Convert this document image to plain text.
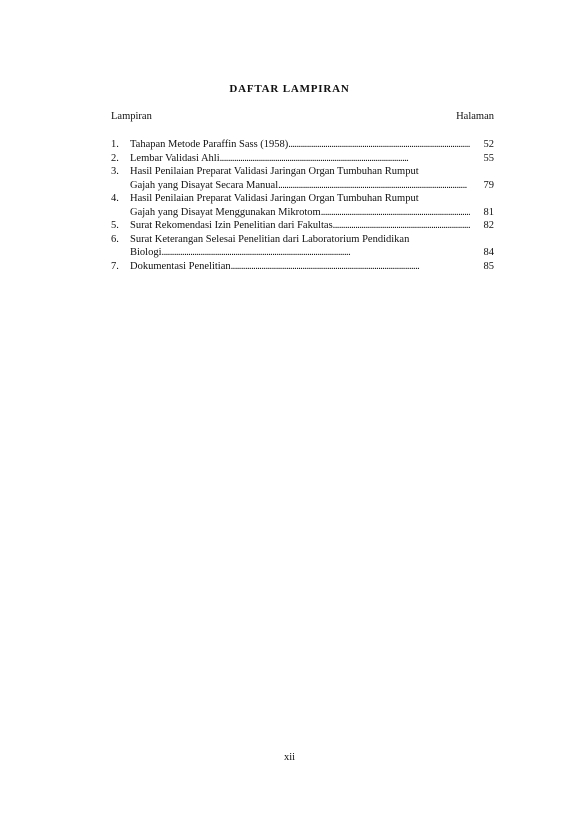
DAFTAR LAMPIRAN
Lampiran	Halaman
1.	Tahapan Metode Paraffin Sass (1958) . . .	52
2.	Lembar Validasi Ahli . . .	55
3.	Hasil Penilaian Preparat Validasi Jaringan Organ Tumbuhan Rumput
Gajah yang Disayat Secara Manual . . .	79
4.	Hasil Penilaian Preparat Validasi Jaringan Organ Tumbuhan Rumput
Gajah yang Disayat Menggunakan Mikrotom . . .	81
5.	Surat Rekomendasi Izin Penelitian dari Fakultas . . .	82
6.	Surat Keterangan Selesai Penelitian dari Laboratorium Pendidikan
Biologi . . .	84
7.	Dokumentasi Penelitian . . .	85
xii
